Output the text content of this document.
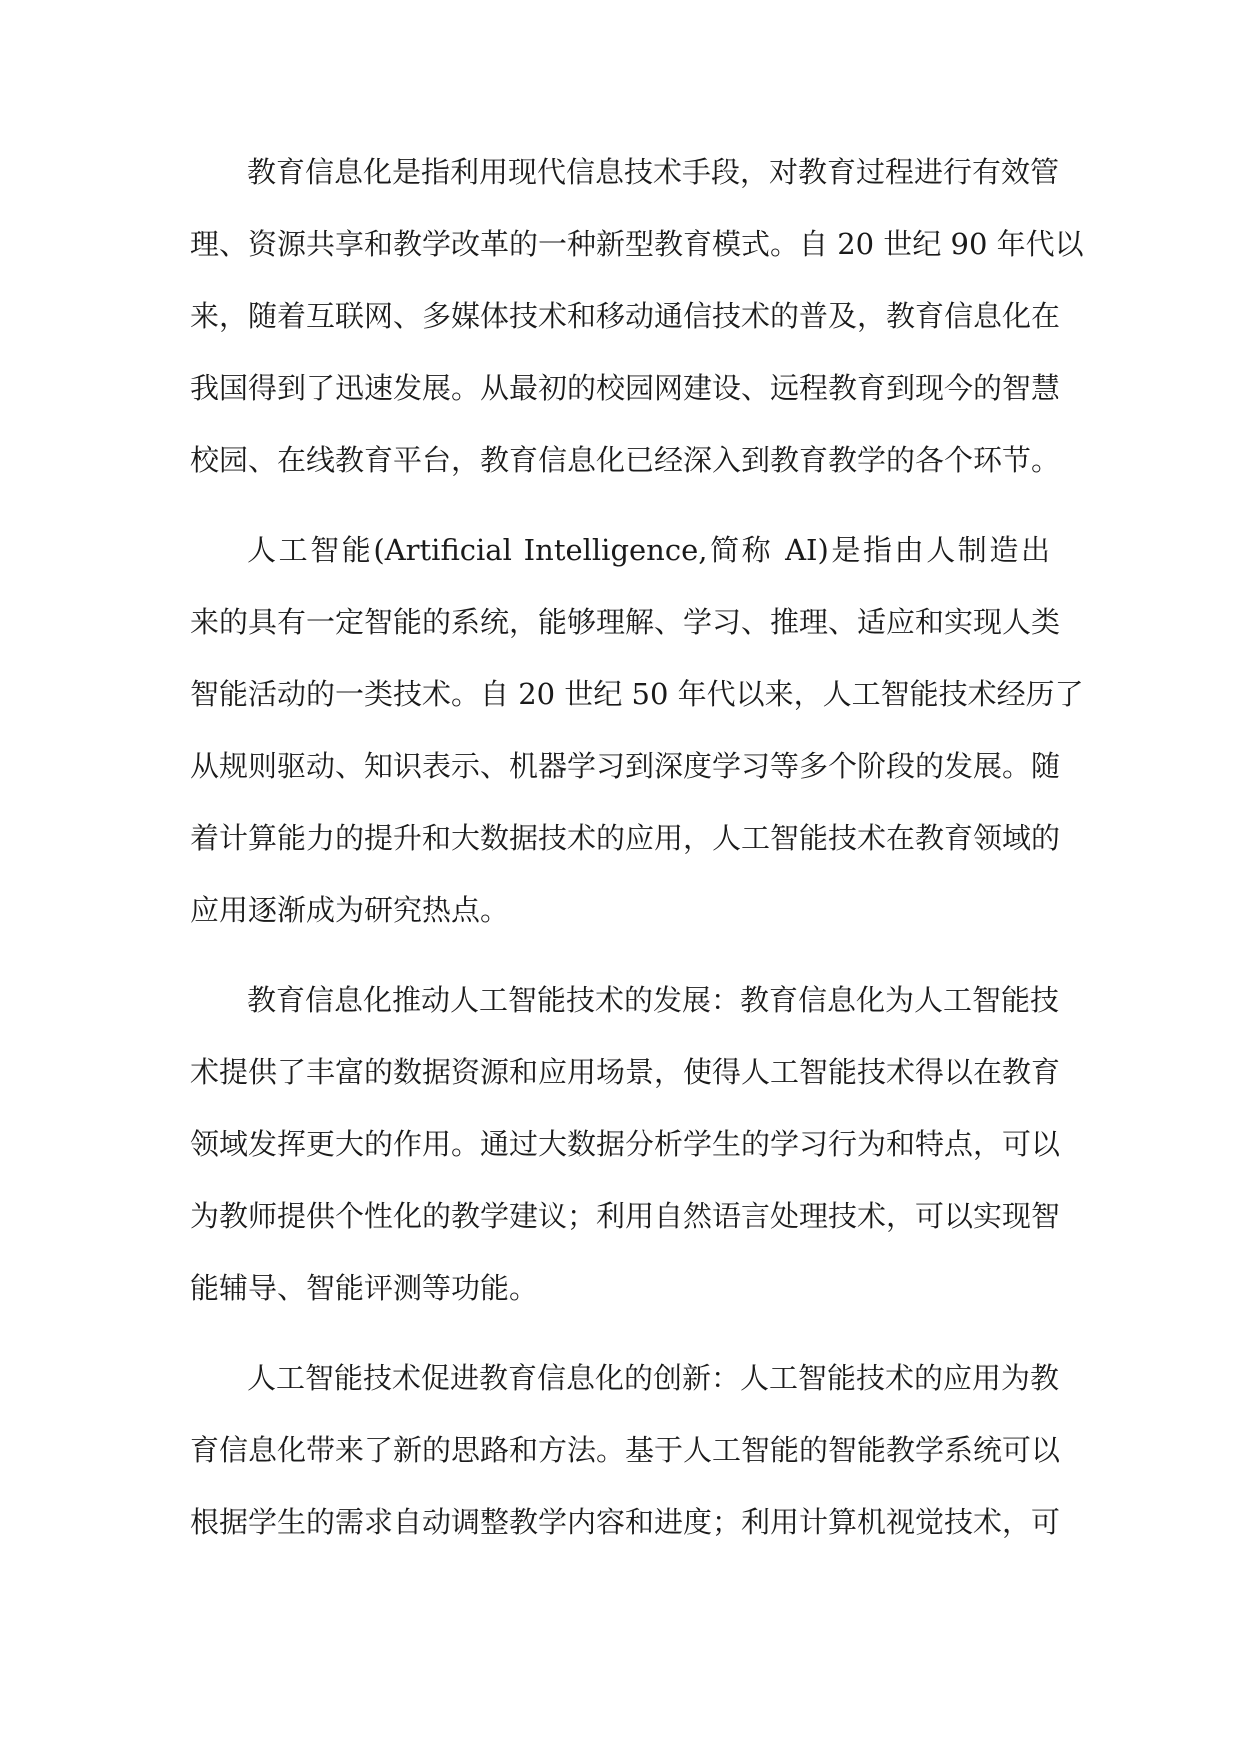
教育信息化是指利用现代信息技术手段，对教育过程进行有效管
理、资源共享和教学改革的一种新型教育模式。自 20 世纪 90 年代以
来，随着互联网、多媒体技术和移动通信技术的普及，教育信息化在
我国得到了迅速发展。从最初的校园网建设、远程教育到现今的智慧
校园、在线教育平台，教育信息化已经深入到教育教学的各个环节。
人工智能(Artificial Intelligence,简称 AI)是指由人制造出
来的具有一定智能的系统，能够理解、学习、推理、适应和实现人类
智能活动的一类技术。自 20 世纪 50 年代以来，人工智能技术经历了
从规则驱动、知识表示、机器学习到深度学习等多个阶段的发展。随
着计算能力的提升和大数据技术的应用，人工智能技术在教育领域的
应用逐渐成为研究热点。
教育信息化推动人工智能技术的发展：教育信息化为人工智能技
术提供了丰富的数据资源和应用场景，使得人工智能技术得以在教育
领域发挥更大的作用。通过大数据分析学生的学习行为和特点，可以
为教师提供个性化的教学建议；利用自然语言处理技术，可以实现智
能辅导、智能评测等功能。
人工智能技术促进教育信息化的创新：人工智能技术的应用为教
育信息化带来了新的思路和方法。基于人工智能的智能教学系统可以
根据学生的需求自动调整教学内容和进度；利用计算机视觉技术，可
